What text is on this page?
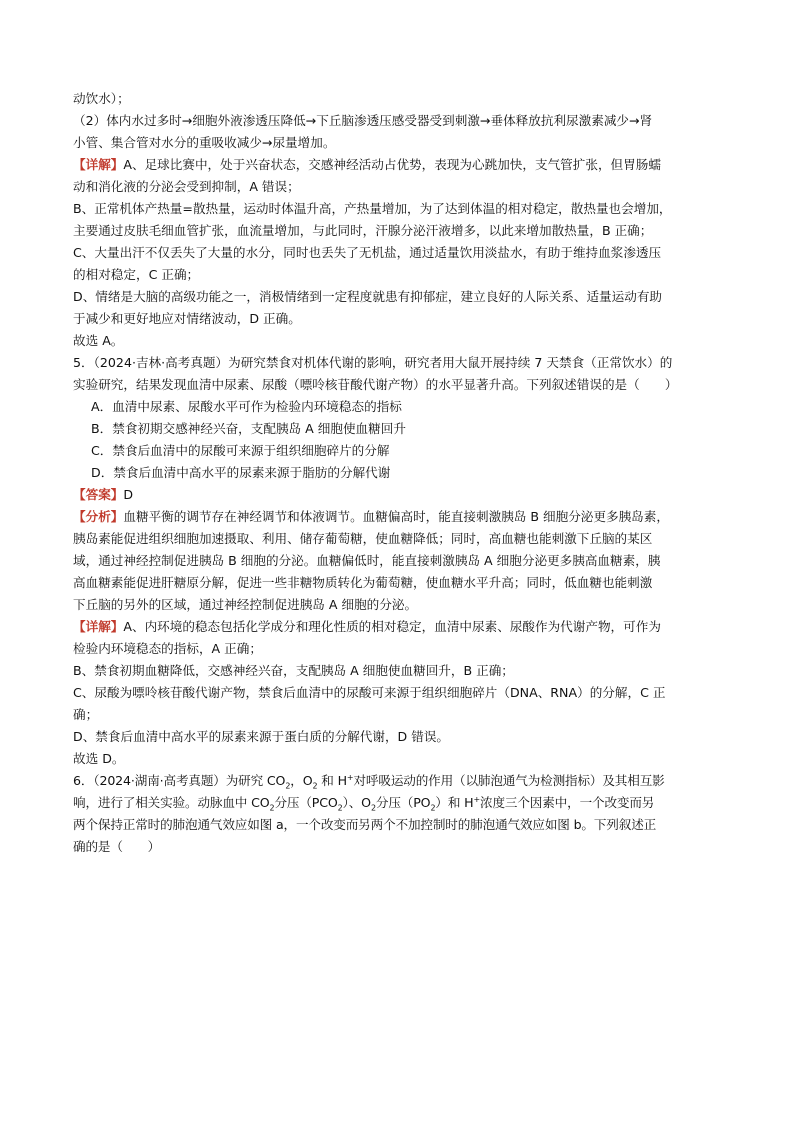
动饮水）；
（2）体内水过多时→细胞外液渗透压降低→下丘脑渗透压感受器受到刺激→垂体释放抗利尿激素减少→肾
小管、集合管对水分的重吸收减少→尿量增加。
【详解】A、足球比赛中，处于兴奋状态，交感神经活动占优势，表现为心跳加快，支气管扩张，但胃肠蠕
动和消化液的分泌会受到抑制，A 错误；
B、正常机体产热量=散热量，运动时体温升高，产热量增加，为了达到体温的相对稳定，散热量也会增加，
主要通过皮肤毛细血管扩张，血流量增加，与此同时，汗腺分泌汗液增多，以此来增加散热量，B 正确；
C、大量出汗不仅丢失了大量的水分，同时也丢失了无机盐，通过适量饮用淡盐水，有助于维持血浆渗透压
的相对稳定，C 正确；
D、情绪是大脑的高级功能之一，消极情绪到一定程度就患有抑郁症，建立良好的人际关系、适量运动有助
于减少和更好地应对情绪波动，D 正确。
故选 A。
5．（2024·吉林·高考真题）为研究禁食对机体代谢的影响，研究者用大鼠开展持续 7 天禁食（正常饮水）的
实验研究，结果发现血清中尿素、尿酸（嘌呤核苷酸代谢产物）的水平显著升高。下列叙述错误的是（　　）
A．血清中尿素、尿酸水平可作为检验内环境稳态的指标
B．禁食初期交感神经兴奋，支配胰岛 A 细胞使血糖回升
C．禁食后血清中的尿酸可来源于组织细胞碎片的分解
D．禁食后血清中高水平的尿素来源于脂肪的分解代谢
【答案】D
【分析】血糖平衡的调节存在神经调节和体液调节。血糖偏高时，能直接刺激胰岛 B 细胞分泌更多胰岛素，
胰岛素能促进组织细胞加速摄取、利用、储存葡萄糖，使血糖降低；同时，高血糖也能刺激下丘脑的某区
域，通过神经控制促进胰岛 B 细胞的分泌。血糖偏低时，能直接刺激胰岛 A 细胞分泌更多胰高血糖素，胰
高血糖素能促进肝糖原分解，促进一些非糖物质转化为葡萄糖，使血糖水平升高；同时，低血糖也能刺激
下丘脑的另外的区域，通过神经控制促进胰岛 A 细胞的分泌。
【详解】A、内环境的稳态包括化学成分和理化性质的相对稳定，血清中尿素、尿酸作为代谢产物，可作为
检验内环境稳态的指标，A 正确；
B、禁食初期血糖降低，交感神经兴奋，支配胰岛 A 细胞使血糖回升，B 正确；
C、尿酸为嘌呤核苷酸代谢产物，禁食后血清中的尿酸可来源于组织细胞碎片（DNA、RNA）的分解，C 正
确；
D、禁食后血清中高水平的尿素来源于蛋白质的分解代谢，D 错误。
故选 D。
6．（2024·湖南·高考真题）为研究 $CO_2$，$O_2$ 和 H+对呼吸运动的作用（以肺泡通气为检测指标）及其相互影
响，进行了相关实验。动脉血中 $CO_2$分压$(PCO_2)$、$O_2$分压$(PO_2)$和 H+浓度三个因素中，一个改变而另
两个保持正常时的肺泡通气效应如图 a，一个改变而另两个不加控制时的肺泡通气效应如图 b。下列叙述正
确的是（　　）
